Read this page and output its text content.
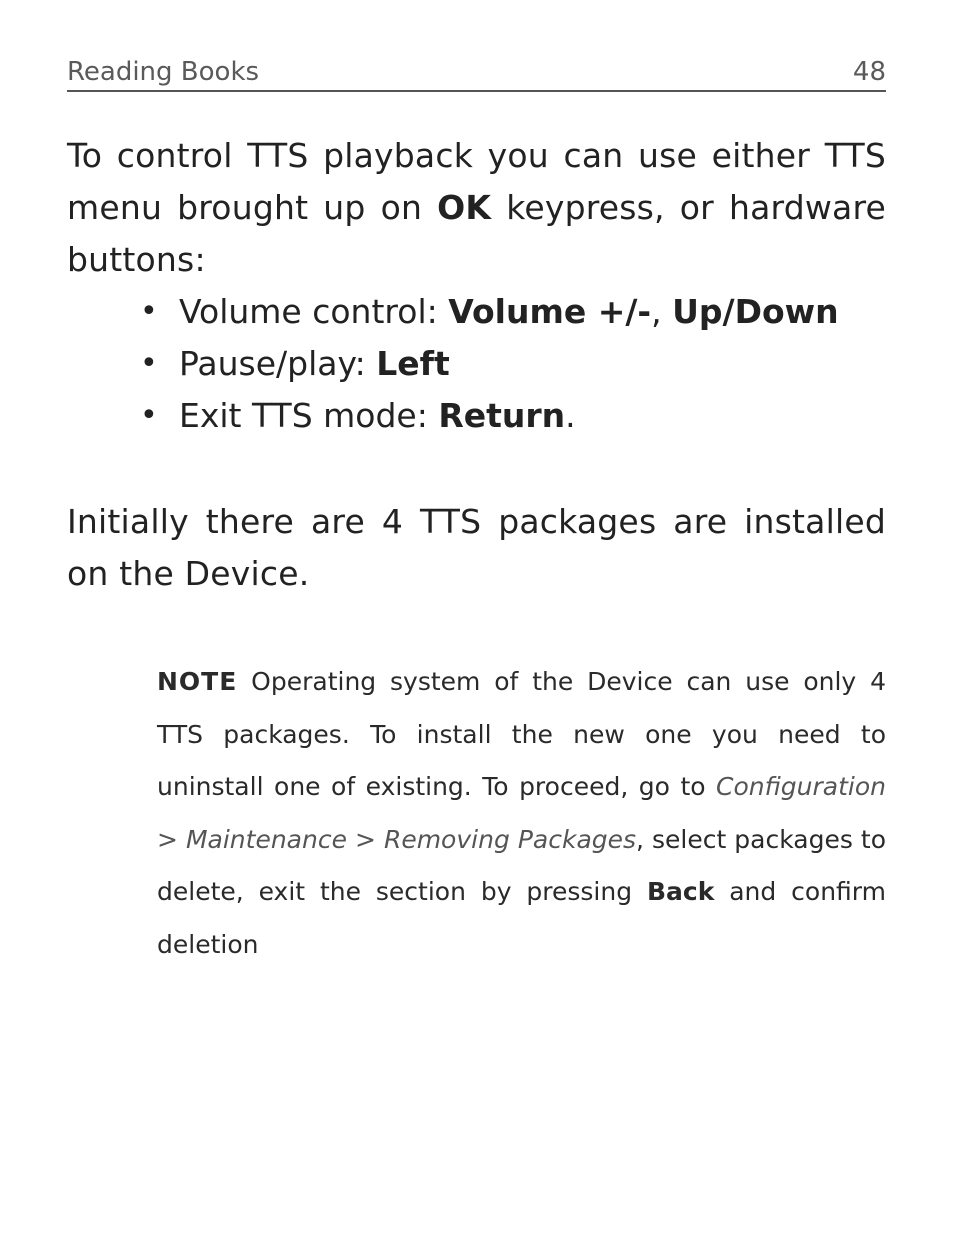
Reading Books	48

To control TTS playback you can use either TTS menu brought up on OK keypress, or hardware buttons:

• Volume control: Volume +/-, Up/Down
• Pause/play: Left
• Exit TTS mode: Return.

Initially there are 4 TTS packages are installed on the Device.

NOTE Operating system of the Device can use only 4 TTS packages. To install the new one you need to uninstall one of existing. To proceed, go to Configuration > Maintenance > Removing Packages, select packages to delete, exit the section by pressing Back and confirm deletion
